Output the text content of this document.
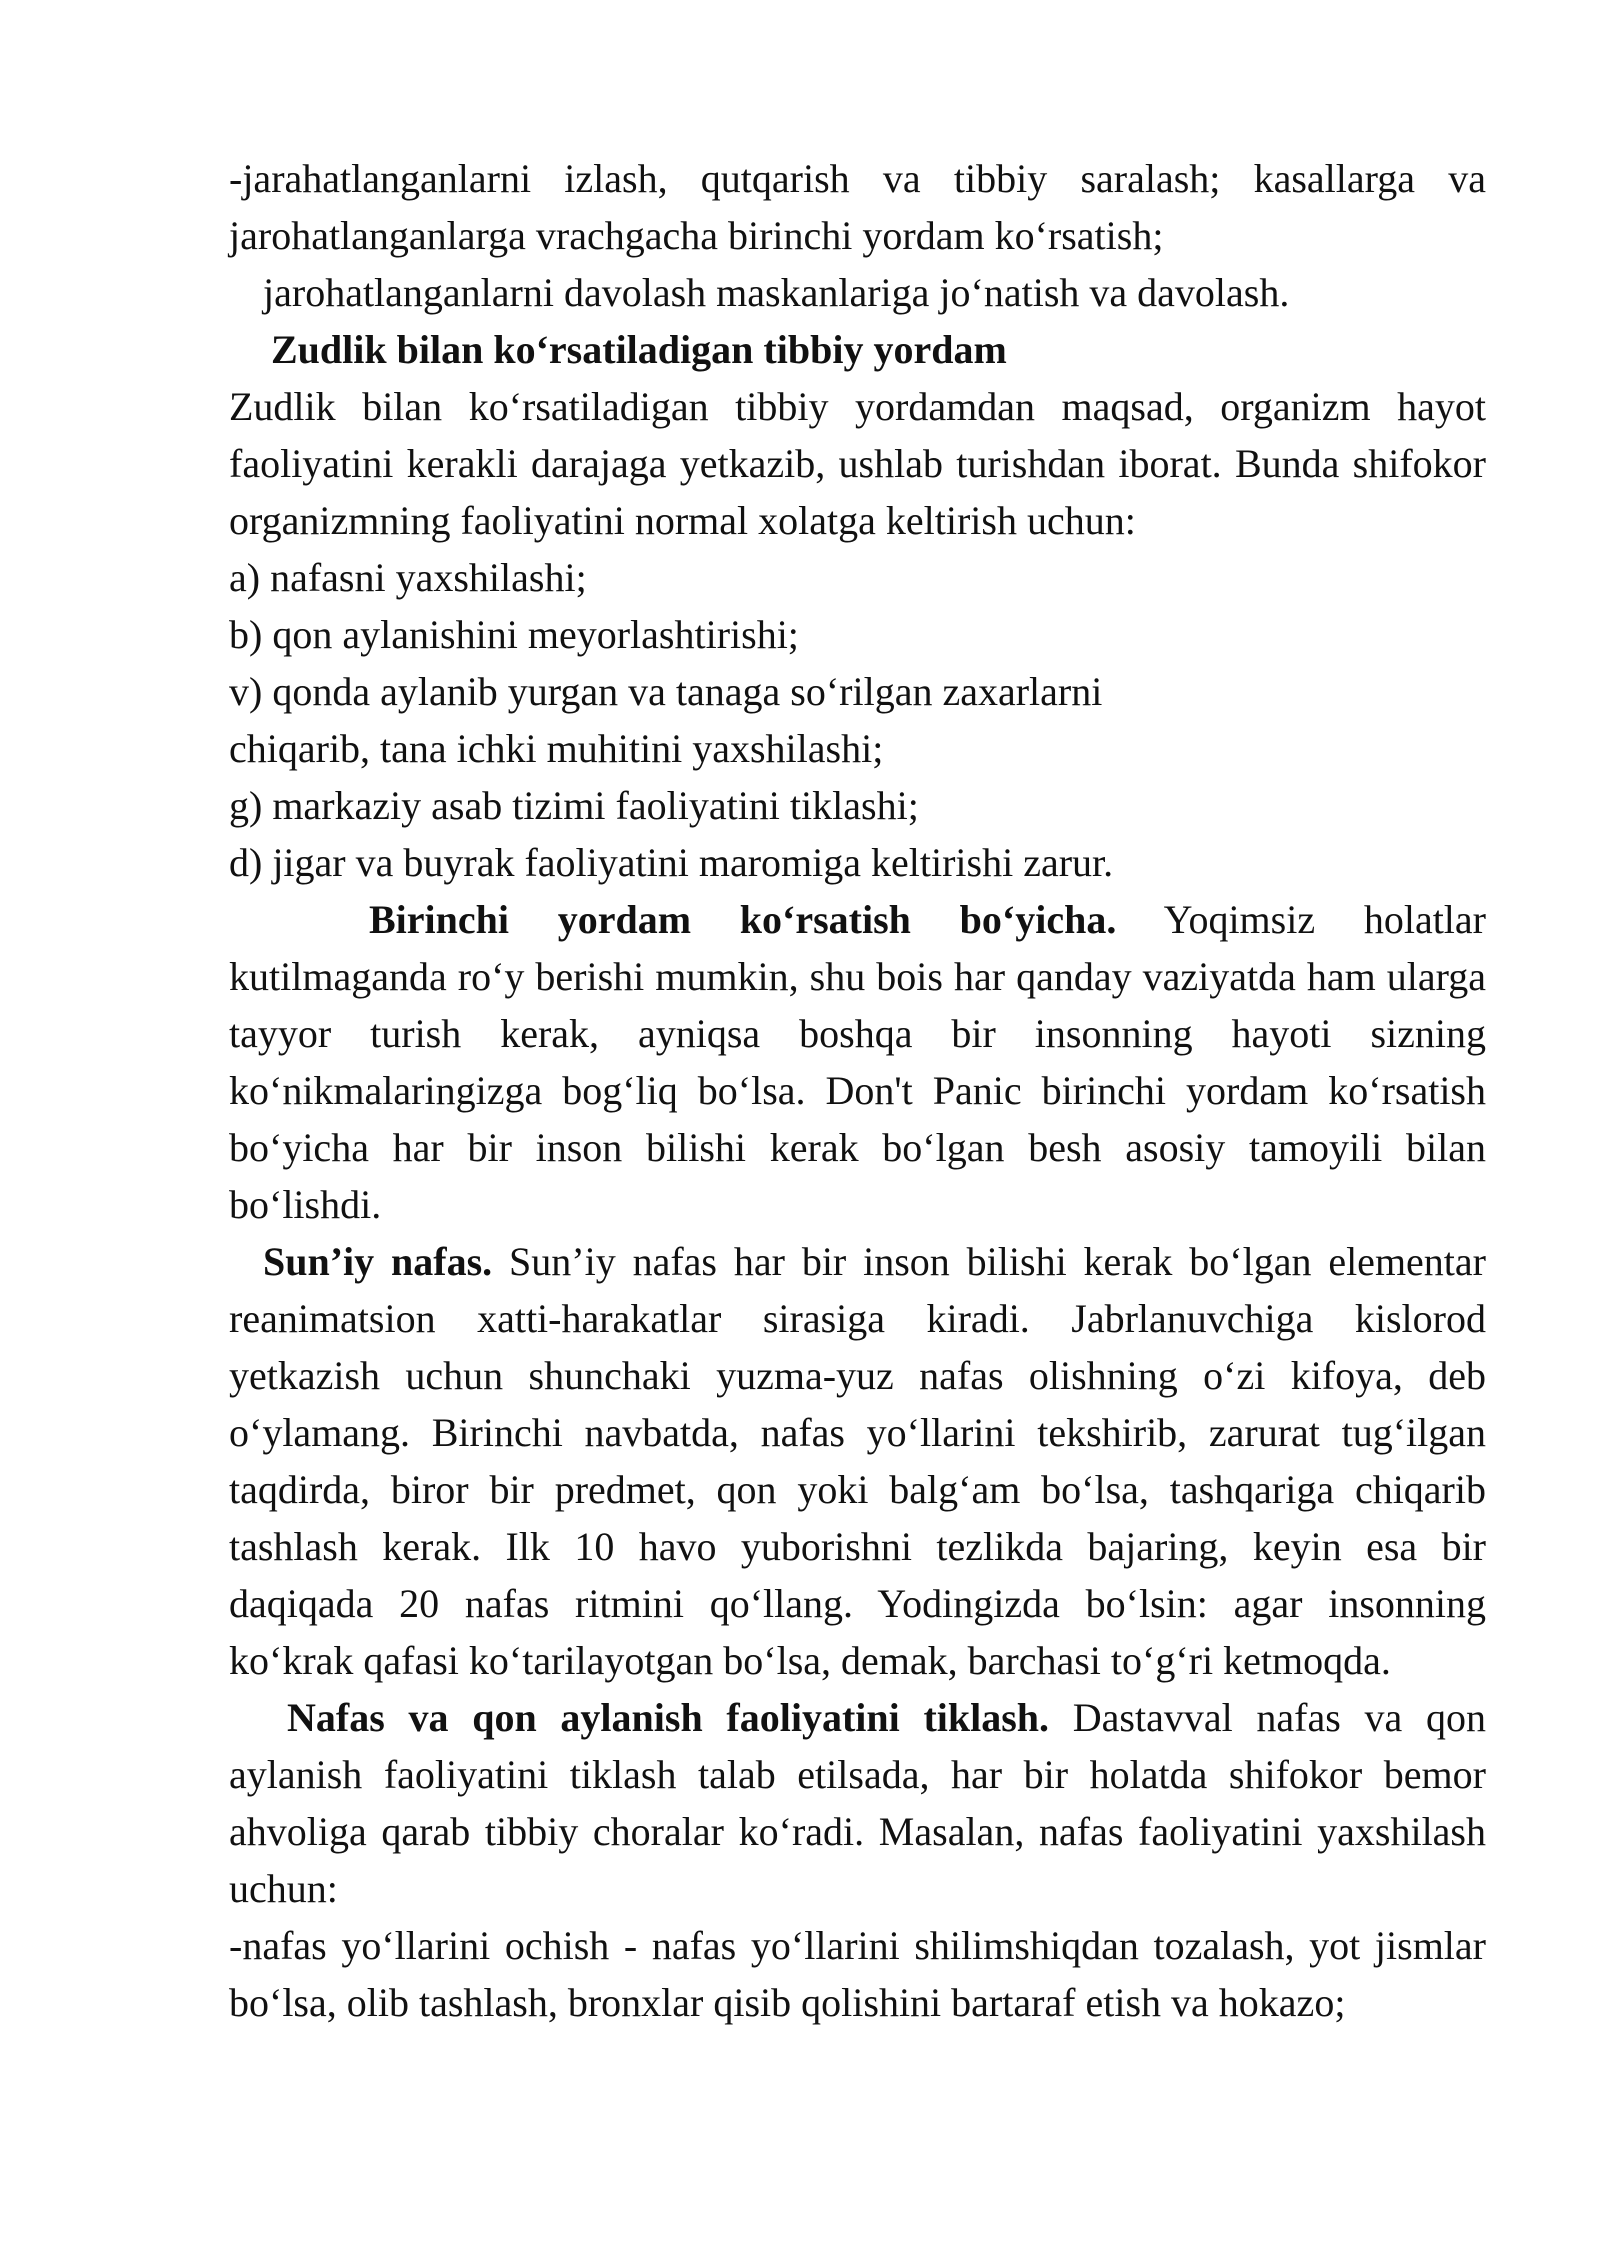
-jarahatlanganlarni izlash, qutqarish va tibbiy saralash; kasallarga va jarohatlanganlarga vrachgacha birinchi yordam koʻrsatish;

jarohatlanganlarni davolash maskanlariga joʻnatish va davolash.

Zudlik bilan koʻrsatiladigan tibbiy yordam

Zudlik bilan koʻrsatiladigan tibbiy yordamdan maqsad, organizm hayot faoliyatini kerakli darajaga yetkazib, ushlab turishdan iborat. Bunda shifokor organizmning faoliyatini normal xolatga keltirish uchun:

a) nafasni yaxshilashi;

b) qon aylanishini meyorlashtirishi;

v) qonda aylanib yurgan va tanaga soʻrilgan zaxarlarni

chiqarib, tana ichki muhitini yaxshilashi;

g) markaziy asab tizimi faoliyatini tiklashi;

d) jigar va buyrak faoliyatini maromiga keltirishi zarur.

Birinchi yordam koʻrsatish boʻyicha. Yoqimsiz holatlar kutilmaganda roʻy berishi mumkin, shu bois har qanday vaziyatda ham ularga tayyor turish kerak, ayniqsa boshqa bir insonning hayoti sizning koʻnikmalaringizga bogʻliq boʻlsa. Don't Panic birinchi yordam koʻrsatish boʻyicha har bir inson bilishi kerak boʻlgan besh asosiy tamoyili bilan boʻlishdi.

Sun’iy nafas. Sun’iy nafas har bir inson bilishi kerak boʻlgan elementar reanimatsion xatti-harakatlar sirasiga kiradi. Jabrlanuvchiga kislorod yetkazish uchun shunchaki yuzma-yuz nafas olishning oʻzi kifoya, deb oʻylamang. Birinchi navbatda, nafas yoʻllarini tekshirib, zarurat tugʻilgan taqdirda, biror bir predmet, qon yoki balgʻam boʻlsa, tashqariga chiqarib tashlash kerak. Ilk 10 havo yuborishni tezlikda bajaring, keyin esa bir daqiqada 20 nafas ritmini qoʻllang. Yodingizda boʻlsin: agar insonning koʻkrak qafasi koʻtarilayotgan boʻlsa, demak, barchasi toʻgʻri ketmoqda.

Nafas va qon aylanish faoliyatini tiklash. Dastavval nafas va qon aylanish faoliyatini tiklash talab etilsada, har bir holatda shifokor bemor ahvoliga qarab tibbiy choralar koʻradi. Masalan, nafas faoliyatini yaxshilash uchun:

-nafas yoʻllarini ochish - nafas yoʻllarini shilimshiqdan tozalash, yot jismlar boʻlsa, olib tashlash, bronxlar qisib qolishini bartaraf etish va hokazo;
